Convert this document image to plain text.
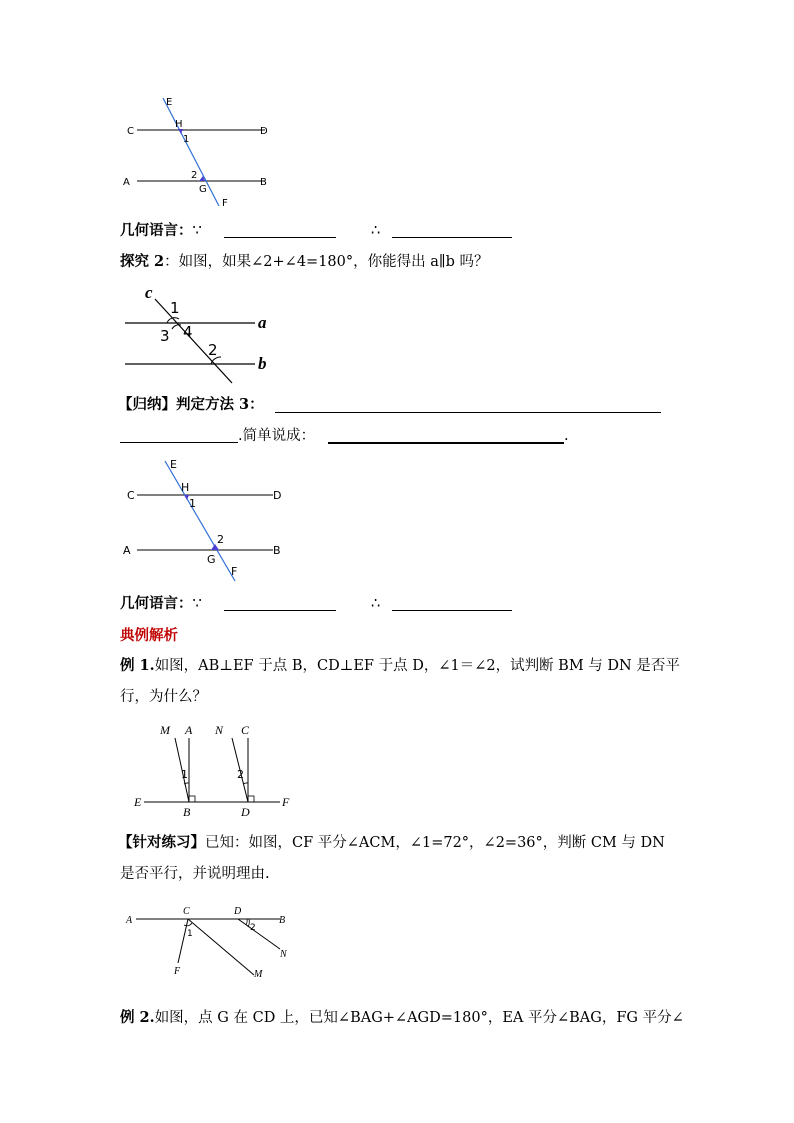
E
H
1
C	D
2
A
G
B
F
几何语言：∵	∴
探究 2：如图，如果∠2+∠4=180°，你能得出 a∥b 吗？
c
1
3 4	a
2
b
【归纳】判定方法 3：
.简单说成：	.
E
H
1
C	D
2
A
G
B
F
几何语言：∵	∴
典例解析
例 1.如图，AB⊥EF 于点 B，CD⊥EF 于点 D，∠1＝∠2，试判断 BM 与 DN 是否平
行，为什么？
M A N C
1	2
E
B	D
F
【针对练习】已知：如图，CF 平分∠ACM，∠1=72°，∠2=36°，判断 CM 与 DN
是否平行，并说明理由.
A
C	D
B
2
1
N
F	M
例 2.如图，点 G 在 CD 上，已知∠BAG+∠AGD=180°，EA 平分∠BAG，FG 平分∠
